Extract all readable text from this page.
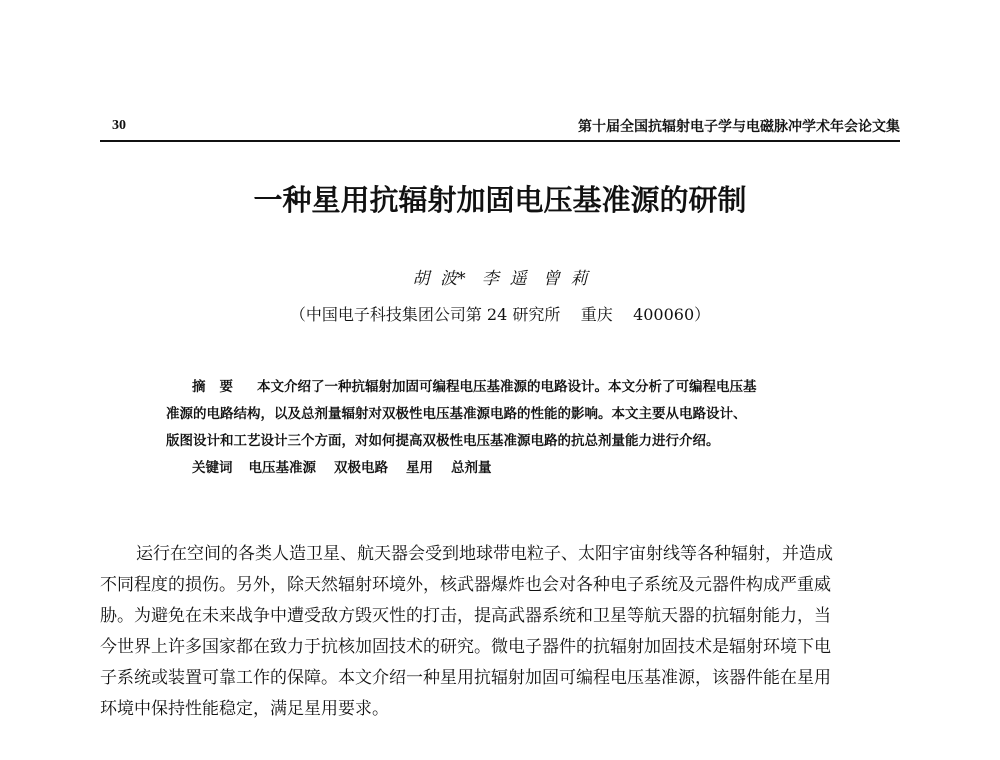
30	第十届全国抗辐射电子学与电磁脉冲学术年会论文集
一种星用抗辐射加固电压基准源的研制
胡  波*   李  遥   曾  莉
（中国电子科技集团公司第 24 研究所    重庆    400060）
摘要 本文介绍了一种抗辐射加固可编程电压基准源的电路设计。本文分析了可编程电压基
准源的电路结构，以及总剂量辐射对双极性电压基准源电路的性能的影响。本文主要从电路设计、
版图设计和工艺设计三个方面，对如何提高双极性电压基准源电路的抗总剂量能力进行介绍。
关键词 电压基准源 双极电路 星用 总剂量
运行在空间的各类人造卫星、航天器会受到地球带电粒子、太阳宇宙射线等各种辐射，并造成
不同程度的损伤。另外，除天然辐射环境外，核武器爆炸也会对各种电子系统及元器件构成严重威
胁。为避免在未来战争中遭受敌方毁灭性的打击，提高武器系统和卫星等航天器的抗辐射能力，当
今世界上许多国家都在致力于抗核加固技术的研究。微电子器件的抗辐射加固技术是辐射环境下电
子系统或装置可靠工作的保障。本文介绍一种星用抗辐射加固可编程电压基准源，该器件能在星用
环境中保持性能稳定，满足星用要求。
